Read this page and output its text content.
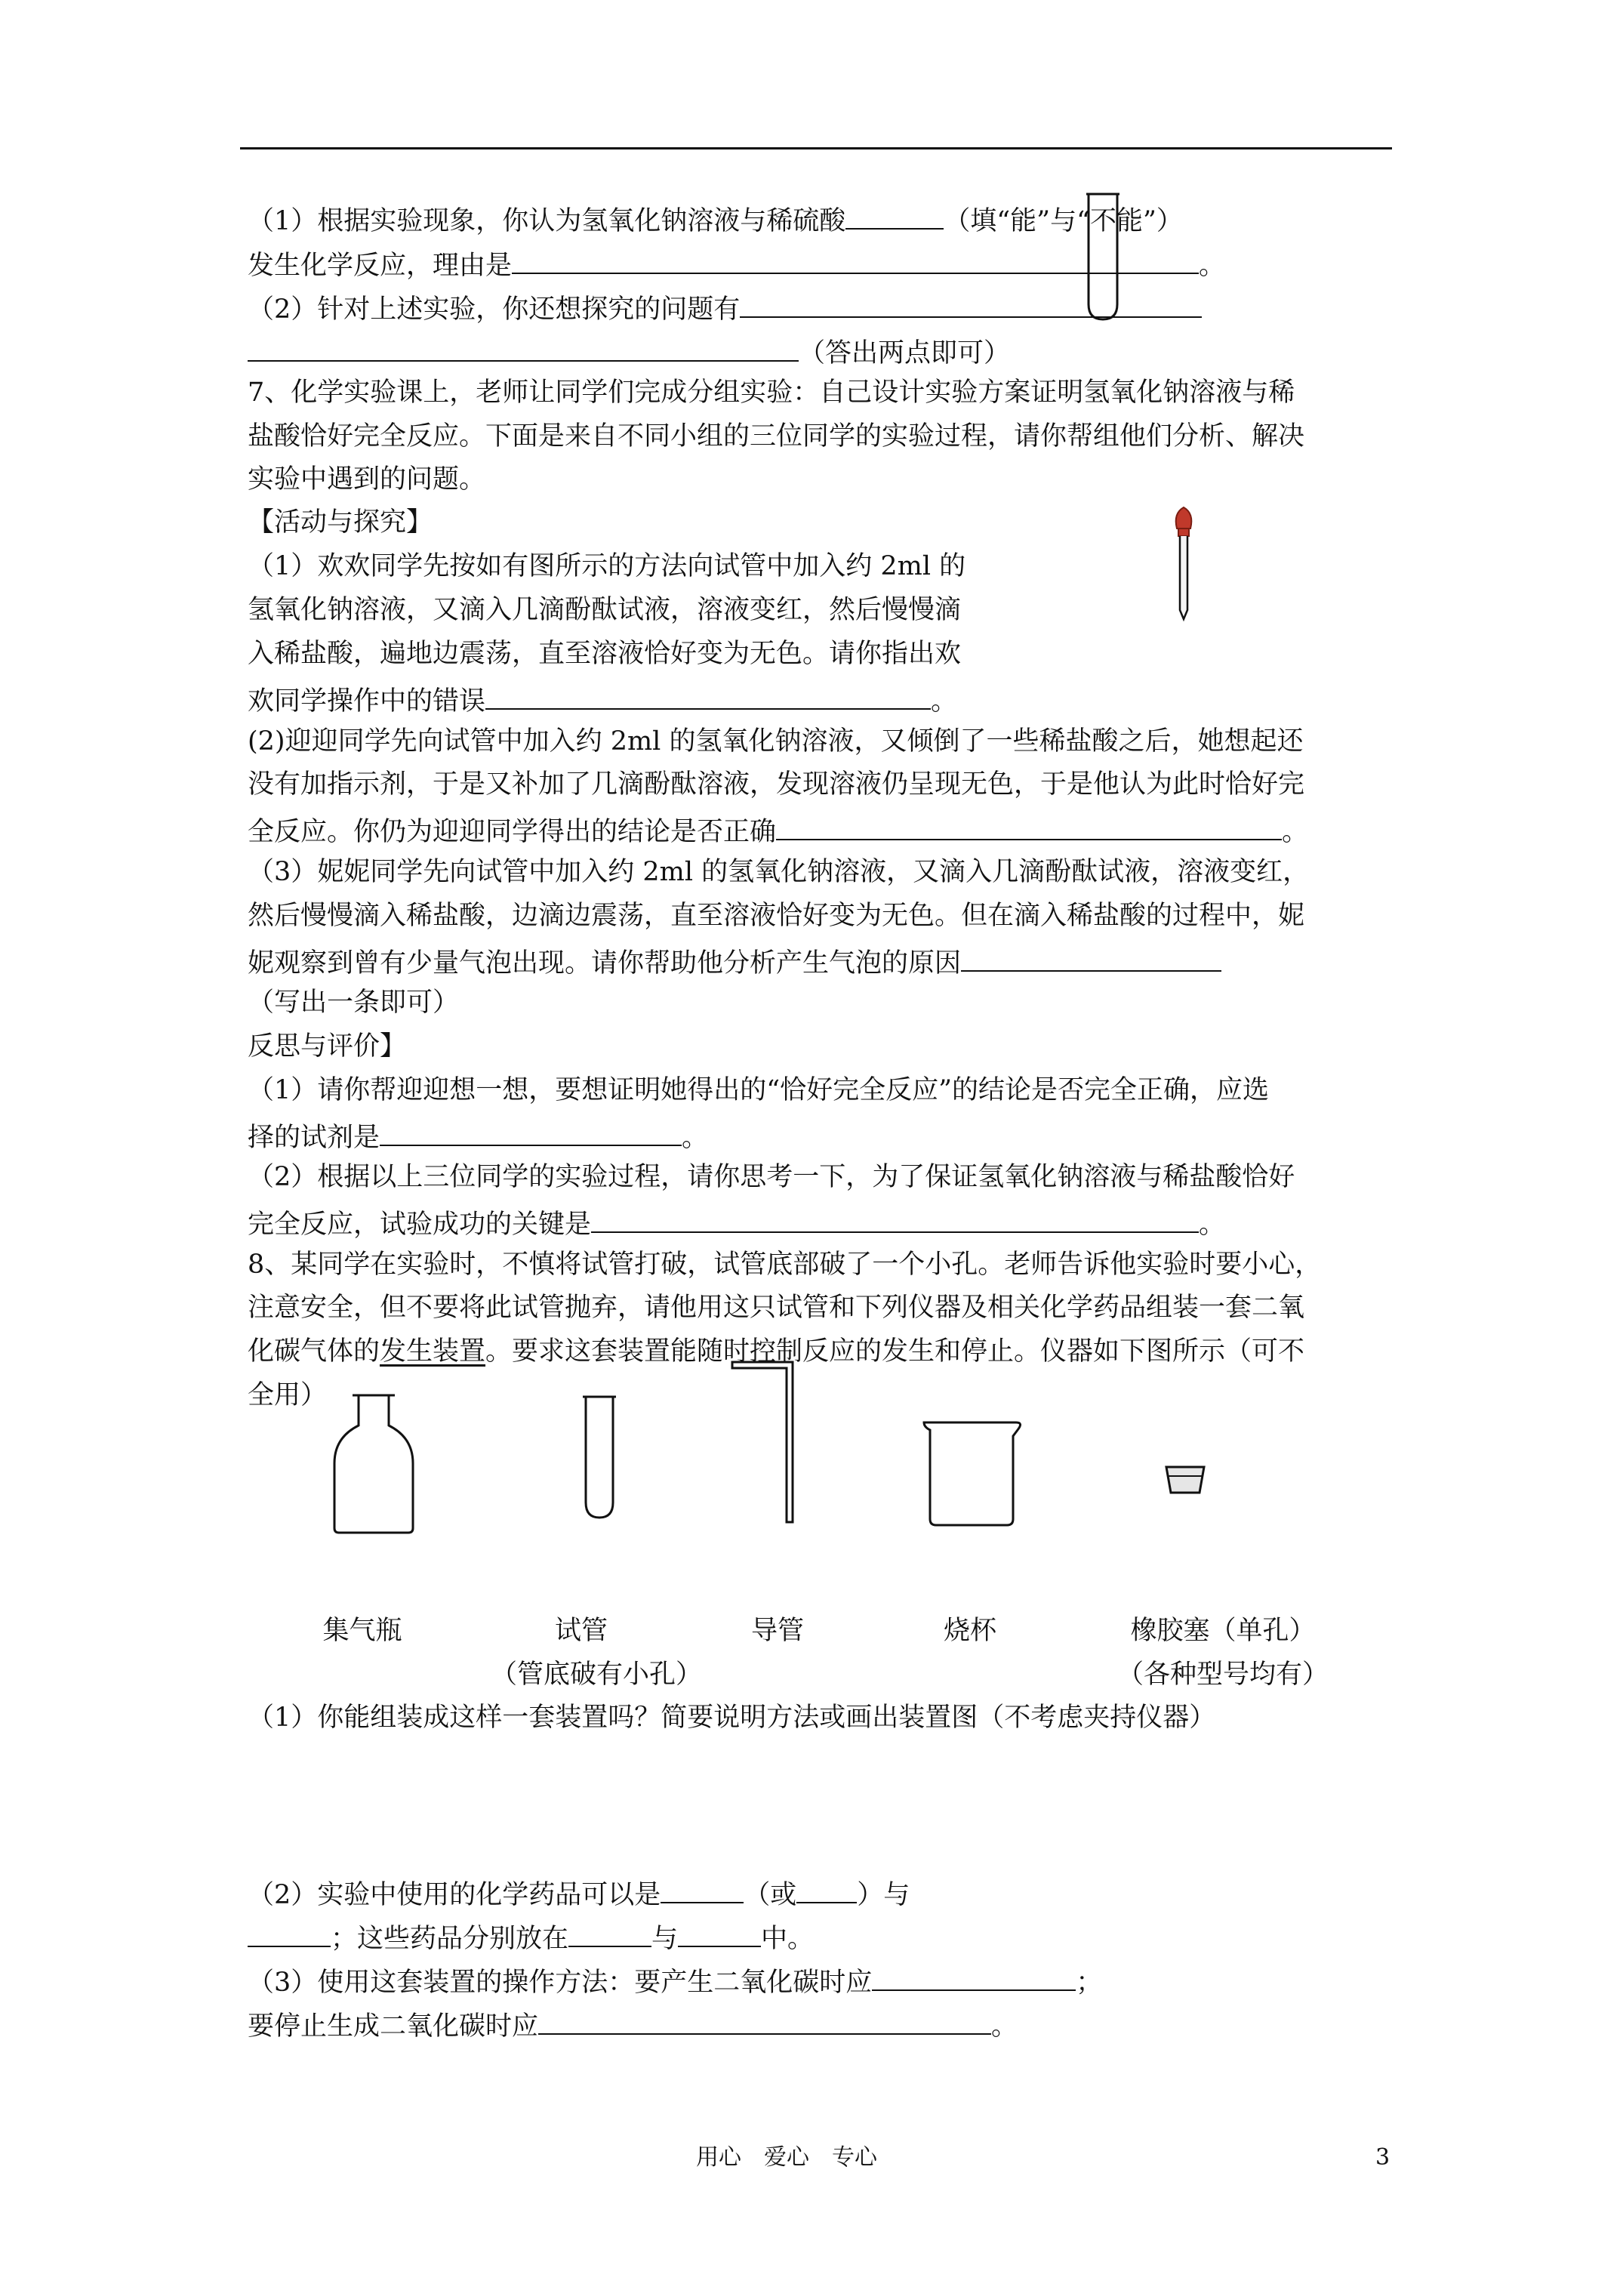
（1）根据实验现象，你认为氢氧化钠溶液与稀硫酸	（填“能”与“不能”）
发生化学反应，理由是	。
（2）针对上述实验，你还想探究的问题有
（答出两点即可）
7、化学实验课上，老师让同学们完成分组实验：自己设计实验方案证明氢氧化钠溶液与稀
盐酸恰好完全反应。下面是来自不同小组的三位同学的实验过程，请你帮组他们分析、解决
实验中遇到的问题。
【活动与探究】
（1）欢欢同学先按如有图所示的方法向试管中加入约 2ml 的
氢氧化钠溶液，又滴入几滴酚酞试液，溶液变红，然后慢慢滴
入稀盐酸，遍地边震荡，直至溶液恰好变为无色。请你指出欢
欢同学操作中的错误	。
(2)迎迎同学先向试管中加入约 2ml 的氢氧化钠溶液，又倾倒了一些稀盐酸之后，她想起还
没有加指示剂，于是又补加了几滴酚酞溶液，发现溶液仍呈现无色，于是他认为此时恰好完
全反应。你仍为迎迎同学得出的结论是否正确	。
（3）妮妮同学先向试管中加入约 2ml 的氢氧化钠溶液，又滴入几滴酚酞试液，溶液变红，
然后慢慢滴入稀盐酸，边滴边震荡，直至溶液恰好变为无色。但在滴入稀盐酸的过程中，妮
妮观察到曾有少量气泡出现。请你帮助他分析产生气泡的原因
（写出一条即可）
反思与评价】
（1）请你帮迎迎想一想，要想证明她得出的“恰好完全反应”的结论是否完全正确，应选
择的试剂是	。
（2）根据以上三位同学的实验过程，请你思考一下，为了保证氢氧化钠溶液与稀盐酸恰好
完全反应，试验成功的关键是	。
8、某同学在实验时，不慎将试管打破，试管底部破了一个小孔。老师告诉他实验时要小心，
注意安全，但不要将此试管抛弃，请他用这只试管和下列仪器及相关化学药品组装一套二氧
化碳气体的发生装置。要求这套装置能随时控制反应的发生和停止。仪器如下图所示（可不
全用）
集气瓶	试管	导管	烧杯	橡胶塞（单孔）
（管底破有小孔）	（各种型号均有）
（1）你能组装成这样一套装置吗？简要说明方法或画出装置图（不考虑夹持仪器）
（2）实验中使用的化学药品可以是	（或 ）与
；这些药品分别放在	与	中。
（3）使用这套装置的操作方法：要产生二氧化碳时应	；
要停止生成二氧化碳时应	。
用心　爱心　专心	3
